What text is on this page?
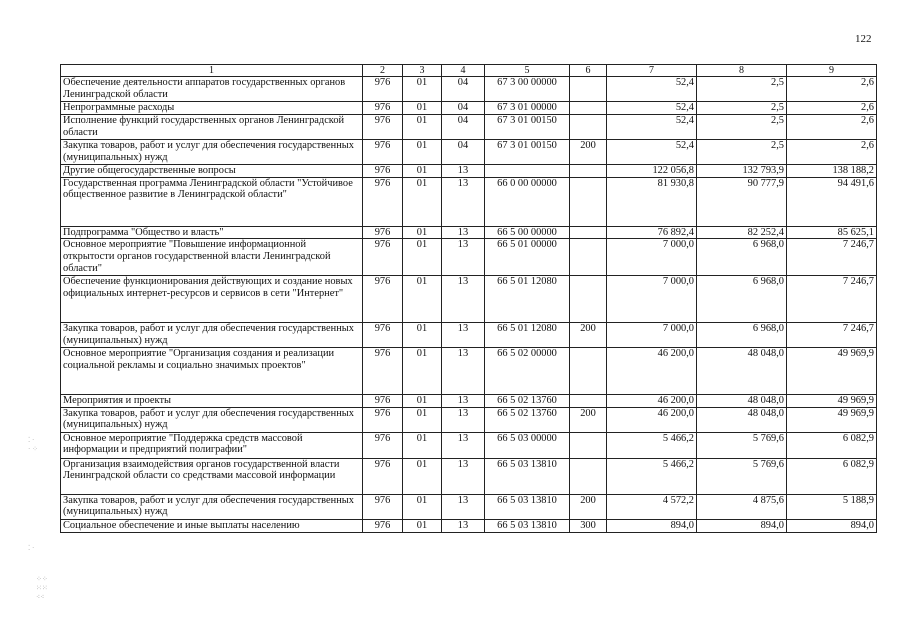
122
1	2	3	4	5	6	7	8	9
Обеспечение деятельности аппаратов государственных органов Ленинградской области	976	01	04	67 3 00 00000		52,4	2,5	2,6
Непрограммные расходы	976	01	04	67 3 01 00000		52,4	2,5	2,6
Исполнение функций государственных органов Ленинградской области	976	01	04	67 3 01 00150		52,4	2,5	2,6
Закупка товаров, работ и услуг для обеспечения государственных (муниципальных) нужд	976	01	04	67 3 01 00150	200	52,4	2,5	2,6
Другие общегосударственные вопросы	976	01	13			122 056,8	132 793,9	138 188,2
Государственная программа Ленинградской области "Устойчивое общественное развитие в Ленинградской области"	976	01	13	66 0 00 00000		81 930,8	90 777,9	94 491,6
Подпрограмма "Общество и власть"	976	01	13	66 5 00 00000		76 892,4	82 252,4	85 625,1
Основное мероприятие "Повышение информационной открытости органов государственной власти Ленинградской области"	976	01	13	66 5 01 00000		7 000,0	6 968,0	7 246,7
Обеспечение функционирования действующих и создание новых официальных интернет-ресурсов и сервисов в сети "Интернет"	976	01	13	66 5 01 12080		7 000,0	6 968,0	7 246,7
Закупка товаров, работ и услуг для обеспечения государственных (муниципальных) нужд	976	01	13	66 5 01 12080	200	7 000,0	6 968,0	7 246,7
Основное мероприятие "Организация создания и реализации социальной рекламы и социально значимых проектов"	976	01	13	66 5 02 00000		46 200,0	48 048,0	49 969,9
Мероприятия и проекты	976	01	13	66 5 02 13760		46 200,0	48 048,0	49 969,9
Закупка товаров, работ и услуг для обеспечения государственных (муниципальных) нужд	976	01	13	66 5 02 13760	200	46 200,0	48 048,0	49 969,9
Основное мероприятие "Поддержка средств массовой информации и предприятий полиграфии"	976	01	13	66 5 03 00000		5 466,2	5 769,6	6 082,9
Организация взаимодействия органов государственной власти Ленинградской области со средствами массовой информации	976	01	13	66 5 03 13810		5 466,2	5 769,6	6 082,9
Закупка товаров, работ и услуг для обеспечения государственных (муниципальных) нужд	976	01	13	66 5 03 13810	200	4 572,2	4 875,6	5 188,9
Социальное обеспечение и иные выплаты населению	976	01	13	66 5 03 13810	300	894,0	894,0	894,0
⁚ ·
· ⁘

⁚ ·
⁘⁘
⁙⁙
⁖⁖
